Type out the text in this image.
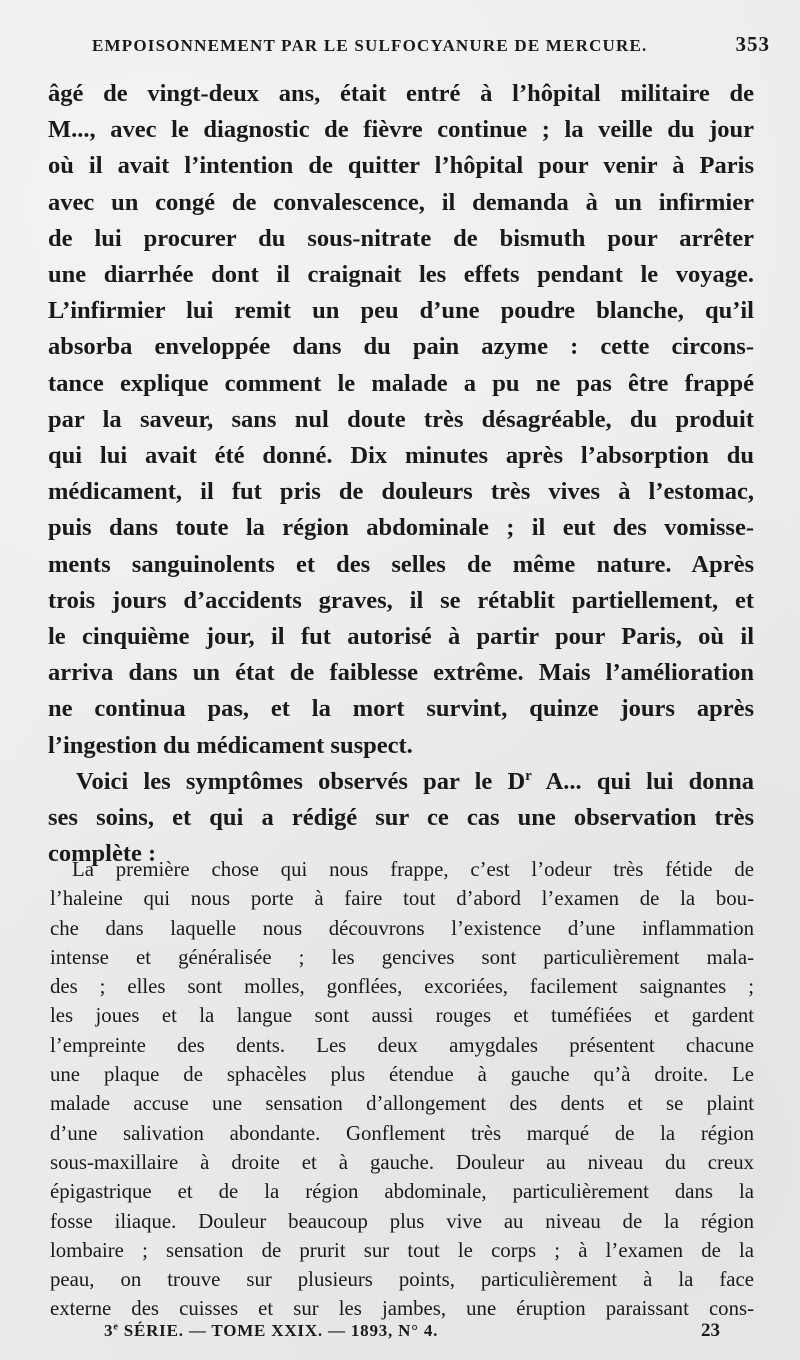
EMPOISONNEMENT PAR LE SULFOCYANURE DE MERCURE.	353

âgé de vingt-deux ans, était entré à l’hôpital militaire de
M..., avec le diagnostic de fièvre continue ; la veille du jour
où il avait l’intention de quitter l’hôpital pour venir à Paris
avec un congé de convalescence, il demanda à un infirmier
de lui procurer du sous-nitrate de bismuth pour arrêter
une diarrhée dont il craignait les effets pendant le voyage.
L’infirmier lui remit un peu d’une poudre blanche, qu’il
absorba enveloppée dans du pain azyme : cette circons-
tance explique comment le malade a pu ne pas être frappé
par la saveur, sans nul doute très désagréable, du produit
qui lui avait été donné. Dix minutes après l’absorption du
médicament, il fut pris de douleurs très vives à l’estomac,
puis dans toute la région abdominale ; il eut des vomisse-
ments sanguinolents et des selles de même nature. Après
trois jours d’accidents graves, il se rétablit partiellement, et
le cinquième jour, il fut autorisé à partir pour Paris, où il
arriva dans un état de faiblesse extrême. Mais l’amélioration
ne continua pas, et la mort survint, quinze jours après
l’ingestion du médicament suspect.

Voici les symptômes observés par le $D^r$ A... qui lui donna
ses soins, et qui a rédigé sur ce cas une observation très
complète :

La première chose qui nous frappe, c’est l’odeur très fétide de
l’haleine qui nous porte à faire tout d’abord l’examen de la bou-
che dans laquelle nous découvrons l’existence d’une inflammation
intense et généralisée ; les gencives sont particulièrement mala-
des ; elles sont molles, gonflées, excoriées, facilement saignantes ;
les joues et la langue sont aussi rouges et tuméfiées et gardent
l’empreinte des dents. Les deux amygdales présentent chacune
une plaque de sphacèles plus étendue à gauche qu’à droite. Le
malade accuse une sensation d’allongement des dents et se plaint
d’une salivation abondante. Gonflement très marqué de la région
sous-maxillaire à droite et à gauche. Douleur au niveau du creux
épigastrique et de la région abdominale, particulièrement dans la
fosse iliaque. Douleur beaucoup plus vive au niveau de la région
lombaire ; sensation de prurit sur tout le corps ; à l’examen de la
peau, on trouve sur plusieurs points, particulièrement à la face
externe des cuisses et sur les jambes, une éruption paraissant cons-
3e SÉRIE. — TOME XXIX. — 1893, N° 4.	23
